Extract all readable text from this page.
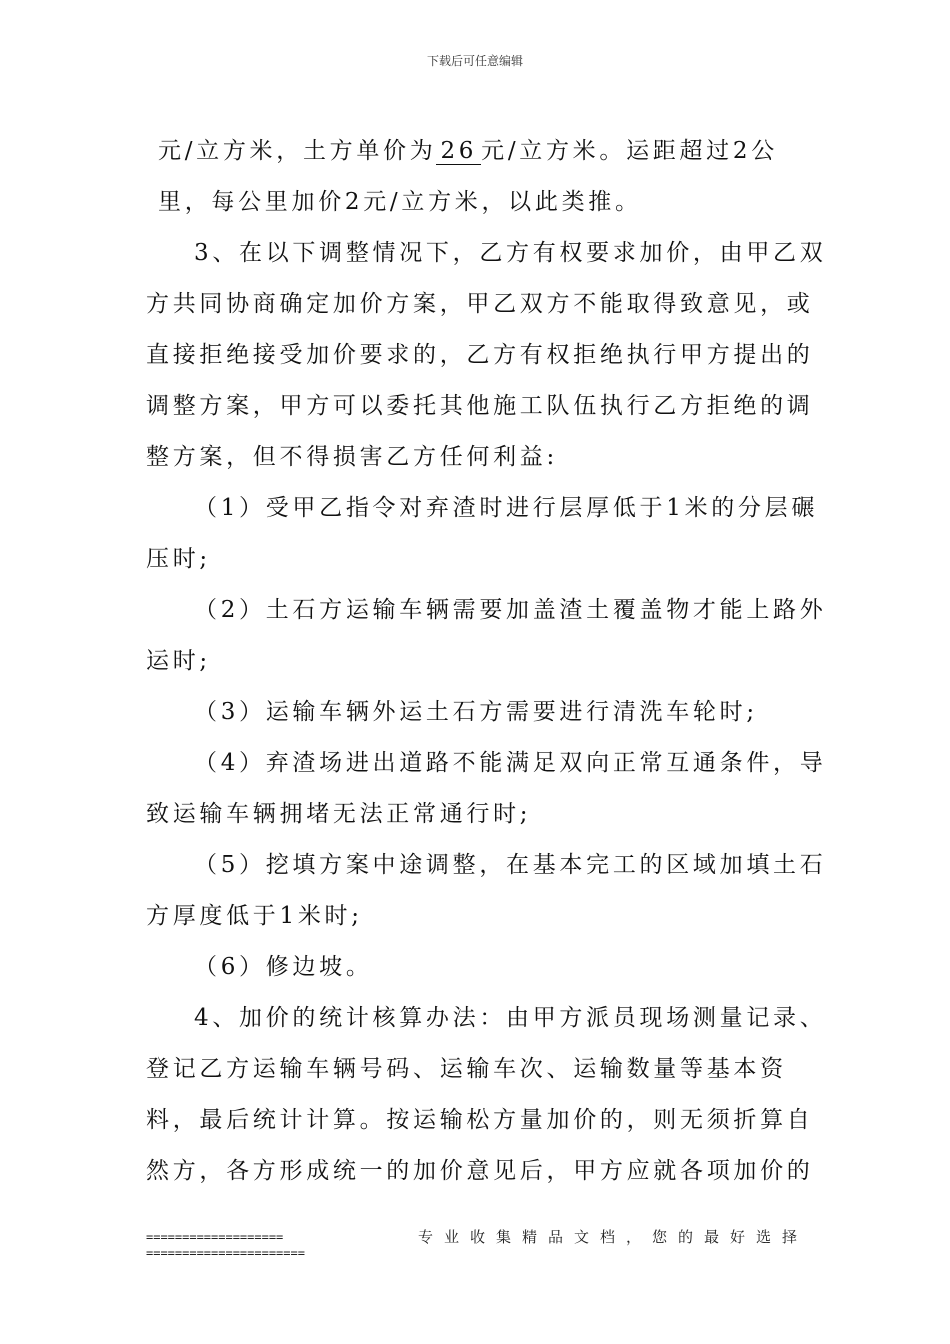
下载后可任意编辑
元/立方米，土方单价为 26 元/立方米。运距超过2公
里，每公里加价2元/立方米，以此类推。
3、在以下调整情况下，乙方有权要求加价，由甲乙双
方共同协商确定加价方案，甲乙双方不能取得致意见，或
直接拒绝接受加价要求的，乙方有权拒绝执行甲方提出的
调整方案，甲方可以委托其他施工队伍执行乙方拒绝的调
整方案，但不得损害乙方任何利益:
（1）受甲乙指令对弃渣时进行层厚低于1米的分层碾
压时;
（2）土石方运输车辆需要加盖渣土覆盖物才能上路外
运时;
（3）运输车辆外运土石方需要进行清洗车轮时;
（4）弃渣场进出道路不能满足双向正常互通条件，导
致运输车辆拥堵无法正常通行时;
（5）挖填方案中途调整，在基本完工的区域加填土石
方厚度低于1米时;
（6）修边坡。
4、加价的统计核算办法：由甲方派员现场测量记录、
登记乙方运输车辆号码、运输车次、运输数量等基本资
料，最后统计计算。按运输松方量加价的，则无须折算自
然方，各方形成统一的加价意见后，甲方应就各项加价的
===================	专业收集精品文档，您的最好选择
======================
